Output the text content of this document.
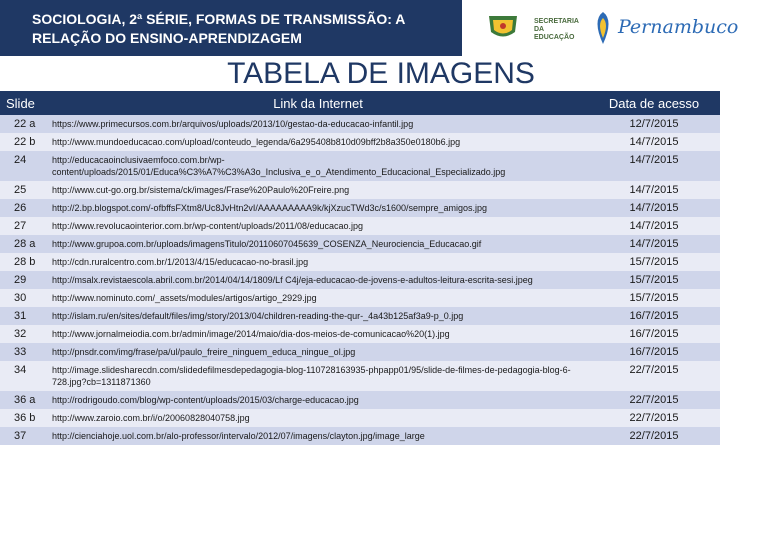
SOCIOLOGIA, 2ª SÉRIE, FORMAS DE TRANSMISSÃO: A RELAÇÃO DO ENSINO-APRENDIZAGEM
SECRETARIA DA EDUCAÇÃO	Pernambuco
TABELA DE IMAGENS
Slide	Link da Internet	Data de acesso
22 a	https://www.primecursos.com.br/arquivos/uploads/2013/10/gestao-da-educacao-infantil.jpg	12/7/2015
22 b	http://www.mundoeducacao.com/upload/conteudo_legenda/6a295408b810d09bff2b8a350e0180b6.jpg	14/7/2015
24	http://educacaoinclusivaemfoco.com.br/wp-content/uploads/2015/01/Educa%C3%A7%C3%A3o_Inclusiva_e_o_Atendimento_Educacional_Especializado.jpg	14/7/2015
25	http://www.cut-go.org.br/sistema/ck/images/Frase%20Paulo%20Freire.png	14/7/2015
26	http://2.bp.blogspot.com/-ofbffsFXtm8/Uc8JvHtn2vI/AAAAAAAAA9k/kjXzucTWd3c/s1600/sempre_amigos.jpg	14/7/2015
27	http://www.revolucaointerior.com.br/wp-content/uploads/2011/08/educacao.jpg	14/7/2015
28 a	http://www.grupoa.com.br/uploads/imagensTitulo/20110607045639_COSENZA_Neurociencia_Educacao.gif	14/7/2015
28 b	http://cdn.ruralcentro.com.br/1/2013/4/15/educacao-no-brasil.jpg	15/7/2015
29	http://msalx.revistaescola.abril.com.br/2014/04/14/1809/Lf C4j/eja-educacao-de-jovens-e-adultos-leitura-escrita-sesi.jpeg	15/7/2015
30	http://www.nominuto.com/_assets/modules/artigos/artigo_2929.jpg	15/7/2015
31	http://islam.ru/en/sites/default/files/img/story/2013/04/children-reading-the-qur-_4a43b125af3a9-p_0.jpg	16/7/2015
32	http://www.jornalmeiodia.com.br/admin/image/2014/maio/dia-dos-meios-de-comunicacao%20(1).jpg	16/7/2015
33	http://pnsdr.com/img/frase/pa/ul/paulo_freire_ninguem_educa_ningue_ol.jpg	16/7/2015
34	http://image.slidesharecdn.com/slidedefilmesdepedagogia-blog-110728163935-phpapp01/95/slide-de-filmes-de-pedagogia-blog-6-728.jpg?cb=1311871360	22/7/2015
36 a	http://rodrigoudo.com/blog/wp-content/uploads/2015/03/charge-educacao.jpg	22/7/2015
36 b	http://www.zaroio.com.br/i/o/20060828040758.jpg	22/7/2015
37	http://cienciahoje.uol.com.br/alo-professor/intervalo/2012/07/imagens/clayton.jpg/image_large	22/7/2015
